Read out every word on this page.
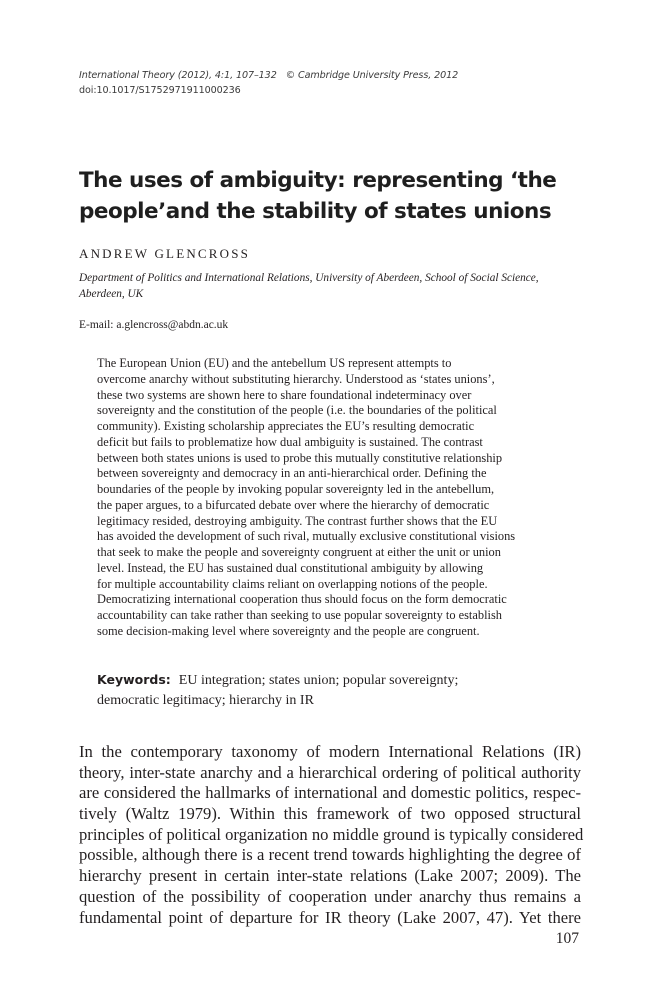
International Theory (2012), 4:1, 107–132 © Cambridge University Press, 2012
doi:10.1017/S1752971911000236
The uses of ambiguity: representing ‘the
people’and the stability of states unions
ANDREW GLENCROSS
Department of Politics and International Relations, University of Aberdeen, School of Social Science,
Aberdeen, UK
E-mail: a.glencross@abdn.ac.uk
The European Union (EU) and the antebellum US represent attempts to
overcome anarchy without substituting hierarchy. Understood as ‘states unions’,
these two systems are shown here to share foundational indeterminacy over
sovereignty and the constitution of the people (i.e. the boundaries of the political
community). Existing scholarship appreciates the EU’s resulting democratic
deficit but fails to problematize how dual ambiguity is sustained. The contrast
between both states unions is used to probe this mutually constitutive relationship
between sovereignty and democracy in an anti-hierarchical order. Defining the
boundaries of the people by invoking popular sovereignty led in the antebellum,
the paper argues, to a bifurcated debate over where the hierarchy of democratic
legitimacy resided, destroying ambiguity. The contrast further shows that the EU
has avoided the development of such rival, mutually exclusive constitutional visions
that seek to make the people and sovereignty congruent at either the unit or union
level. Instead, the EU has sustained dual constitutional ambiguity by allowing
for multiple accountability claims reliant on overlapping notions of the people.
Democratizing international cooperation thus should focus on the form democratic
accountability can take rather than seeking to use popular sovereignty to establish
some decision-making level where sovereignty and the people are congruent.
Keywords: EU integration; states union; popular sovereignty;
democratic legitimacy; hierarchy in IR
In the contemporary taxonomy of modern International Relations (IR)
theory, inter-state anarchy and a hierarchical ordering of political authority
are considered the hallmarks of international and domestic politics, respec-
tively (Waltz 1979). Within this framework of two opposed structural
principles of political organization no middle ground is typically considered
possible, although there is a recent trend towards highlighting the degree of
hierarchy present in certain inter-state relations (Lake 2007; 2009). The
question of the possibility of cooperation under anarchy thus remains a
fundamental point of departure for IR theory (Lake 2007, 47). Yet there
107
